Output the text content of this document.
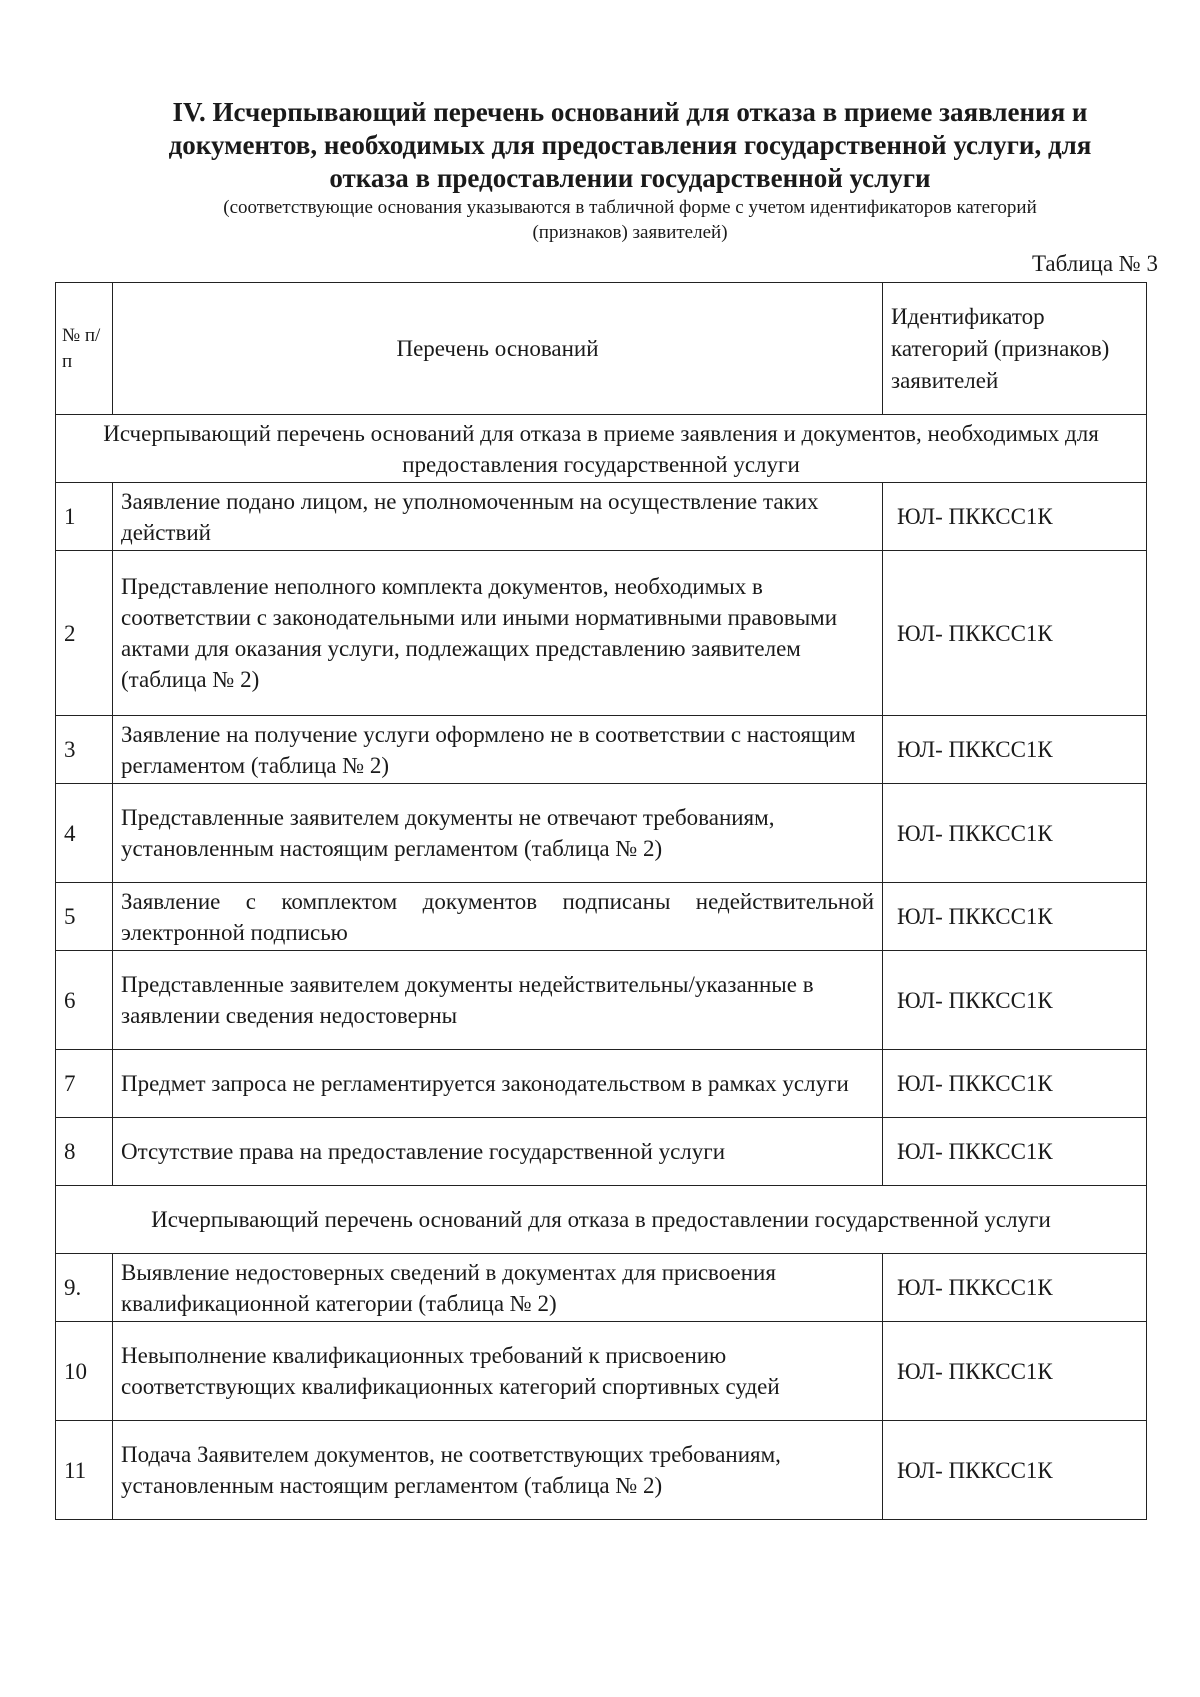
IV. Исчерпывающий перечень оснований для отказа в приеме заявления и документов, необходимых для предоставления государственной услуги, для отказа в предоставлении государственной услуги
(соответствующие основания указываются в табличной форме с учетом идентификаторов категорий (признаков) заявителей)
Таблица № 3
№ п/ п	Перечень оснований	Идентификатор категорий (признаков) заявителей
Исчерпывающий перечень оснований для отказа в приеме заявления и документов, необходимых для предоставления государственной услуги		
1	Заявление подано лицом, не уполномоченным на осуществление таких действий	ЮЛ- ПККСС1К
2	Представление неполного комплекта документов, необходимых в соответствии с законодательными или иными нормативными правовыми актами для оказания услуги, подлежащих представлению заявителем (таблица № 2)	ЮЛ- ПККСС1К
3	Заявление на получение услуги оформлено не в соответствии с настоящим регламентом (таблица № 2)	ЮЛ- ПККСС1К
4	Представленные заявителем документы не отвечают требованиям, установленным настоящим регламентом (таблица № 2)	ЮЛ- ПККСС1К
5	Заявление с комплектом документов подписаны недействительной электронной подписью	ЮЛ- ПККСС1К
6	Представленные заявителем документы недействительны/указанные в заявлении сведения недостоверны	ЮЛ- ПККСС1К
7	Предмет запроса не регламентируется законодательством в рамках услуги	ЮЛ- ПККСС1К
8	Отсутствие права на предоставление государственной услуги	ЮЛ- ПККСС1К
Исчерпывающий перечень оснований для отказа в предоставлении государственной услуги		
9.	Выявление недостоверных сведений в документах для присвоения квалификационной категории (таблица № 2)	ЮЛ- ПККСС1К
10	Невыполнение квалификационных требований к присвоению соответствующих квалификационных категорий спортивных судей	ЮЛ- ПККСС1К
11	Подача Заявителем документов, не соответствующих требованиям, установленным настоящим регламентом (таблица № 2)	ЮЛ- ПККСС1К
